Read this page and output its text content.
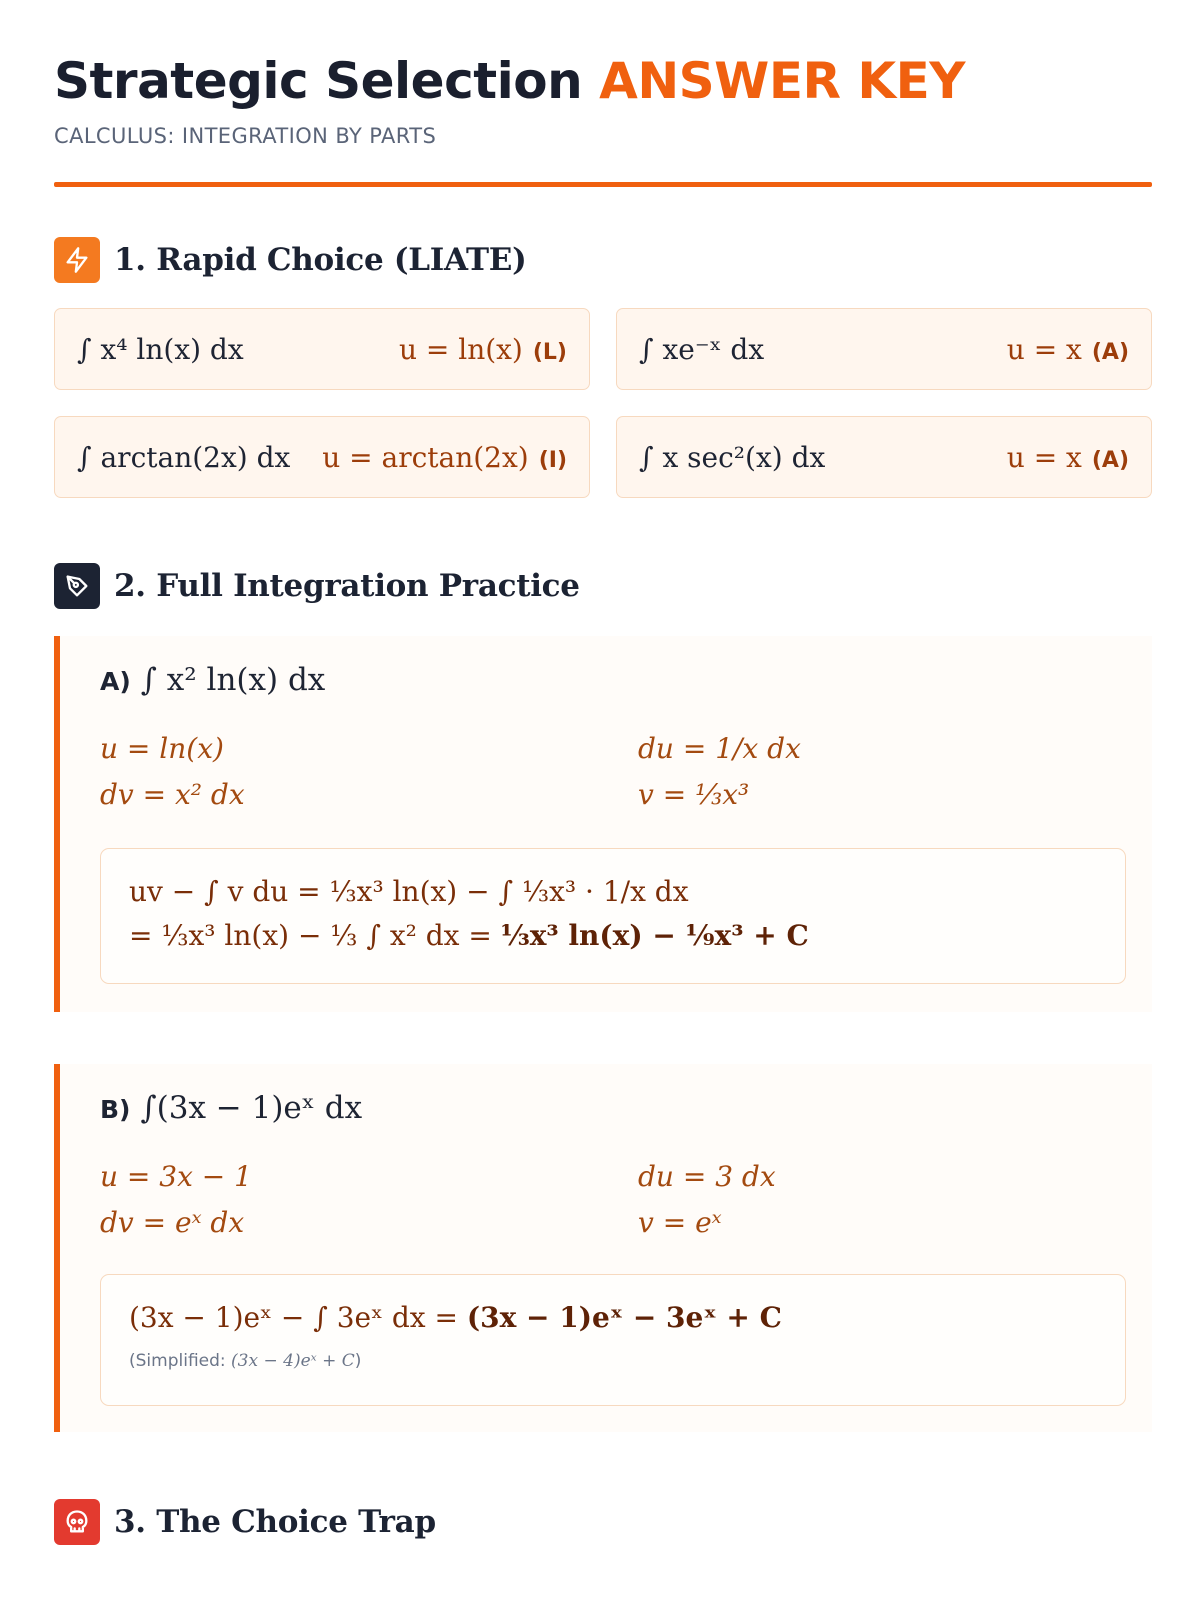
Strategic Selection ANSWER KEY
CALCULUS: INTEGRATION BY PARTS
1. Rapid Choice (LIATE)
∫ x⁴ ln(x) dx	u = ln(x) (L)	∫ xe⁻ˣ dx	u = x (A)
∫ arctan(2x) dx u = arctan(2x) (I)	∫ x sec²(x) dx	u = x (A)
2. Full Integration Practice
A) ∫ x² ln(x) dx
u = ln(x)	du = 1/x dx
dv = x² dx	v = ⅓x³
uv − ∫ v du = ⅓x³ ln(x) − ∫ ⅓x³ · 1/x dx
= ⅓x³ ln(x) − ⅓ ∫ x² dx = ⅓x³ ln(x) − ⅑x³ + C
B) ∫(3x − 1)eˣ dx
u = 3x − 1	du = 3 dx
dv = eˣ dx	v = eˣ
(3x − 1)eˣ − ∫ 3eˣ dx = (3x − 1)eˣ − 3eˣ + C
(Simplified: (3x − 4)eˣ + C)
3. The Choice Trap
